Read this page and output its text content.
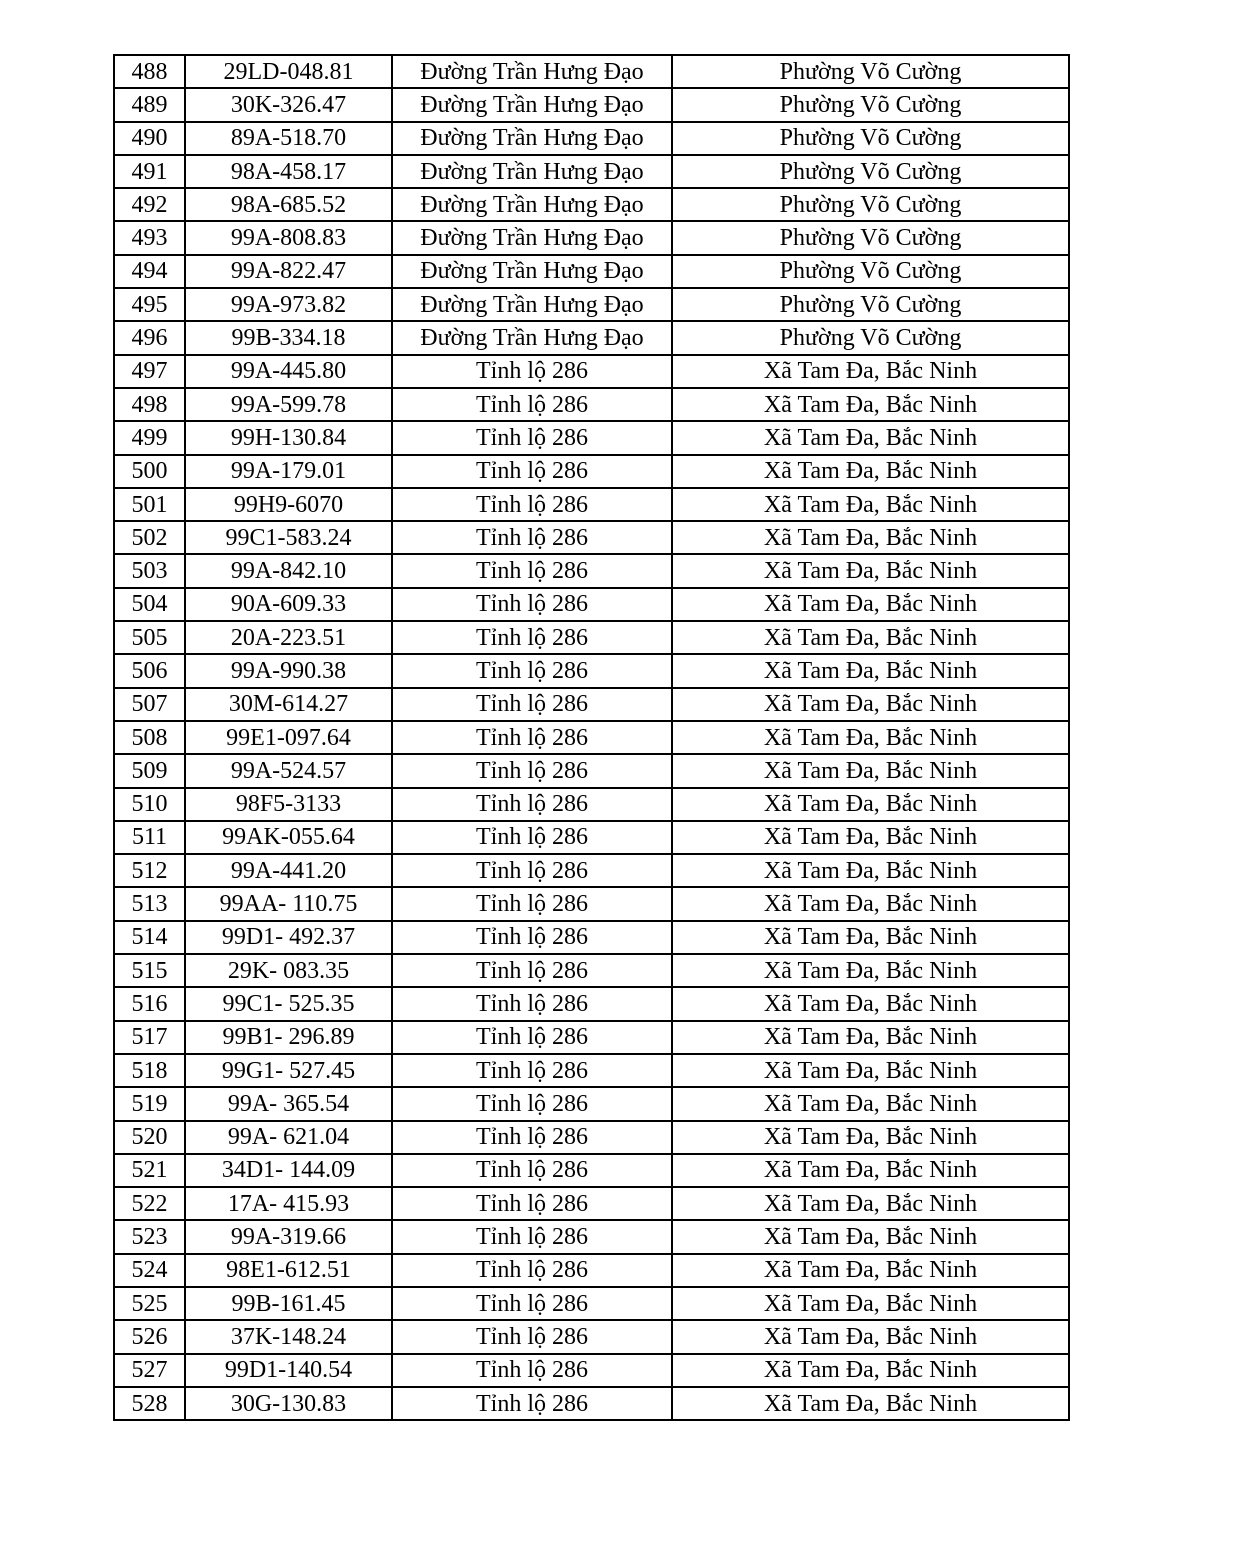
488	29LD-048.81	Đường Trần Hưng Đạo	Phường Võ Cường
489	30K-326.47	Đường Trần Hưng Đạo	Phường Võ Cường
490	89A-518.70	Đường Trần Hưng Đạo	Phường Võ Cường
491	98A-458.17	Đường Trần Hưng Đạo	Phường Võ Cường
492	98A-685.52	Đường Trần Hưng Đạo	Phường Võ Cường
493	99A-808.83	Đường Trần Hưng Đạo	Phường Võ Cường
494	99A-822.47	Đường Trần Hưng Đạo	Phường Võ Cường
495	99A-973.82	Đường Trần Hưng Đạo	Phường Võ Cường
496	99B-334.18	Đường Trần Hưng Đạo	Phường Võ Cường
497	99A-445.80	Tỉnh lộ 286	Xã Tam Đa, Bắc Ninh
498	99A-599.78	Tỉnh lộ 286	Xã Tam Đa, Bắc Ninh
499	99H-130.84	Tỉnh lộ 286	Xã Tam Đa, Bắc Ninh
500	99A-179.01	Tỉnh lộ 286	Xã Tam Đa, Bắc Ninh
501	99H9-6070	Tỉnh lộ 286	Xã Tam Đa, Bắc Ninh
502	99C1-583.24	Tỉnh lộ 286	Xã Tam Đa, Bắc Ninh
503	99A-842.10	Tỉnh lộ 286	Xã Tam Đa, Bắc Ninh
504	90A-609.33	Tỉnh lộ 286	Xã Tam Đa, Bắc Ninh
505	20A-223.51	Tỉnh lộ 286	Xã Tam Đa, Bắc Ninh
506	99A-990.38	Tỉnh lộ 286	Xã Tam Đa, Bắc Ninh
507	30M-614.27	Tỉnh lộ 286	Xã Tam Đa, Bắc Ninh
508	99E1-097.64	Tỉnh lộ 286	Xã Tam Đa, Bắc Ninh
509	99A-524.57	Tỉnh lộ 286	Xã Tam Đa, Bắc Ninh
510	98F5-3133	Tỉnh lộ 286	Xã Tam Đa, Bắc Ninh
511	99AK-055.64	Tỉnh lộ 286	Xã Tam Đa, Bắc Ninh
512	99A-441.20	Tỉnh lộ 286	Xã Tam Đa, Bắc Ninh
513	99AA- 110.75	Tỉnh lộ 286	Xã Tam Đa, Bắc Ninh
514	99D1- 492.37	Tỉnh lộ 286	Xã Tam Đa, Bắc Ninh
515	29K- 083.35	Tỉnh lộ 286	Xã Tam Đa, Bắc Ninh
516	99C1- 525.35	Tỉnh lộ 286	Xã Tam Đa, Bắc Ninh
517	99B1- 296.89	Tỉnh lộ 286	Xã Tam Đa, Bắc Ninh
518	99G1- 527.45	Tỉnh lộ 286	Xã Tam Đa, Bắc Ninh
519	99A- 365.54	Tỉnh lộ 286	Xã Tam Đa, Bắc Ninh
520	99A- 621.04	Tỉnh lộ 286	Xã Tam Đa, Bắc Ninh
521	34D1- 144.09	Tỉnh lộ 286	Xã Tam Đa, Bắc Ninh
522	17A- 415.93	Tỉnh lộ 286	Xã Tam Đa, Bắc Ninh
523	99A-319.66	Tỉnh lộ 286	Xã Tam Đa, Bắc Ninh
524	98E1-612.51	Tỉnh lộ 286	Xã Tam Đa, Bắc Ninh
525	99B-161.45	Tỉnh lộ 286	Xã Tam Đa, Bắc Ninh
526	37K-148.24	Tỉnh lộ 286	Xã Tam Đa, Bắc Ninh
527	99D1-140.54	Tỉnh lộ 286	Xã Tam Đa, Bắc Ninh
528	30G-130.83	Tỉnh lộ 286	Xã Tam Đa, Bắc Ninh
